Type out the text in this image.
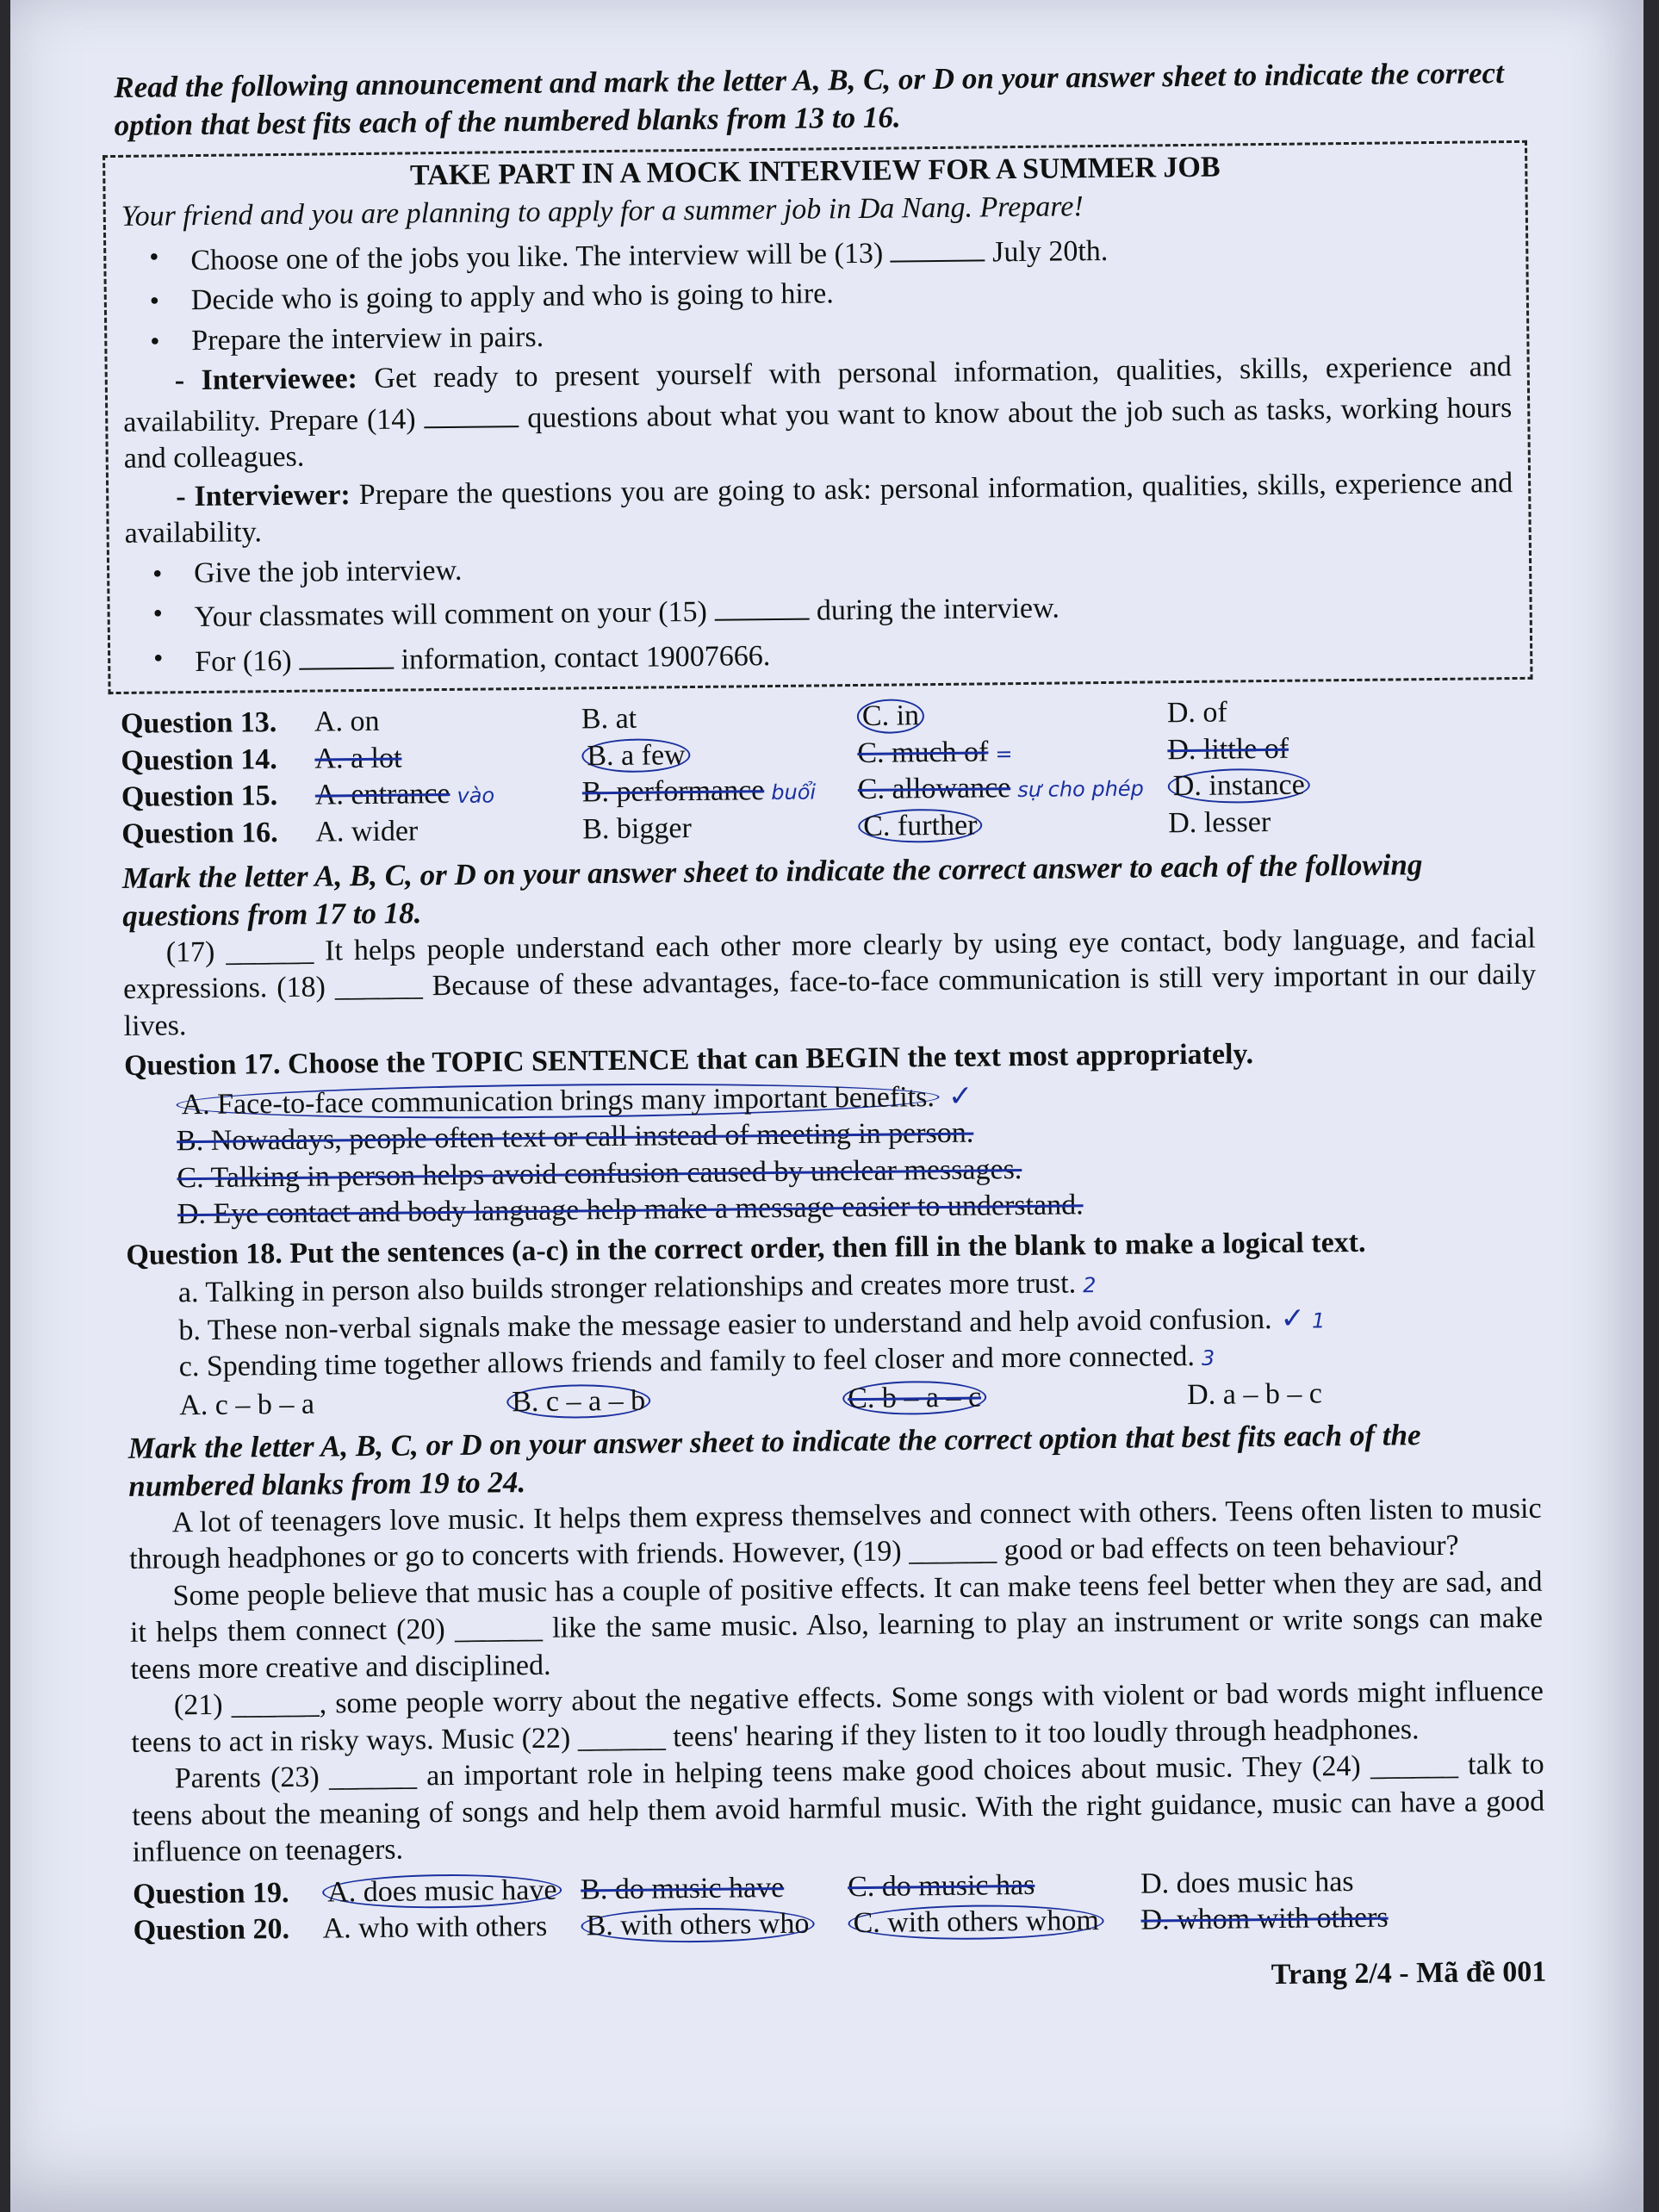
Read the following announcement and mark the letter A, B, C, or D on your answer sheet to indicate the correct option that best fits each of the numbered blanks from 13 to 16.

TAKE PART IN A MOCK INTERVIEW FOR A SUMMER JOB

Your friend and you are planning to apply for a summer job in Da Nang. Prepare!

• Choose one of the jobs you like. The interview will be (13)	July 20th.
• Decide who is going to apply and who is going to hire.
• Prepare the interview in pairs.

- Interviewee: Get ready to present yourself with personal information, qualities, skills, experience and availability. Prepare (14)	questions about what you want to know about the job such as tasks, working hours and colleagues.

- Interviewer: Prepare the questions you are going to ask: personal information, qualities, skills, experience and availability.

• Give the job interview.
• Your classmates will comment on your (15)	during the interview.
• For (16)	information, contact 19007666.
Question 13.	A. on	B. at	C. in	D. of
Question 14.	A. a lot	B. a few	C. much of =	D. little of
Question 15.	A. entrance vào	B. performance buổi	C. allowance sự cho phép D. instance
Question 16.	A. wider	B. bigger	C. further	D. lesser

Mark the letter A, B, C, or D on your answer sheet to indicate the correct answer to each of the following questions from 17 to 18.

(17) ______ It helps people understand each other more clearly by using eye contact, body language, and facial expressions. (18) ______ Because of these advantages, face-to-face communication is still very important in our daily lives.

Question 17. Choose the TOPIC SENTENCE that can BEGIN the text most appropriately.

A. Face-to-face communication brings many important benefits. ✓

B. Nowadays, people often text or call instead of meeting in person.

C. Talking in person helps avoid confusion caused by unclear messages.

D. Eye contact and body language help make a message easier to understand.

Question 18. Put the sentences (a-c) in the correct order, then fill in the blank to make a logical text.

a. Talking in person also builds stronger relationships and creates more trust. 2

b. These non-verbal signals make the message easier to understand and help avoid confusion. ✓ 1

c. Spending time together allows friends and family to feel closer and more connected. 3

A. c – b – a	B. c – a – b	C. b – a – c	D. a – b – c

Mark the letter A, B, C, or D on your answer sheet to indicate the correct option that best fits each of the numbered blanks from 19 to 24.

A lot of teenagers love music. It helps them express themselves and connect with others. Teens often listen to music through headphones or go to concerts with friends. However, (19) ______ good or bad effects on teen behaviour?

Some people believe that music has a couple of positive effects. It can make teens feel better when they are sad, and it helps them connect (20) ______ like the same music. Also, learning to play an instrument or write songs can make teens more creative and disciplined.

(21) ______, some people worry about the negative effects. Some songs with violent or bad words might influence teens to act in risky ways. Music (22) ______ teens' hearing if they listen to it too loudly through headphones.

Parents (23) ______ an important role in helping teens make good choices about music. They (24) ______ talk to teens about the meaning of songs and help them avoid harmful music. With the right guidance, music can have a good influence on teenagers.

Question 19.	A. does music have B. do music have	C. do music has	D. does music has
Question 20.	A. who with others	B. with others who	C. with others whom	D. whom with others

Trang 2/4 - Mã đề 001
